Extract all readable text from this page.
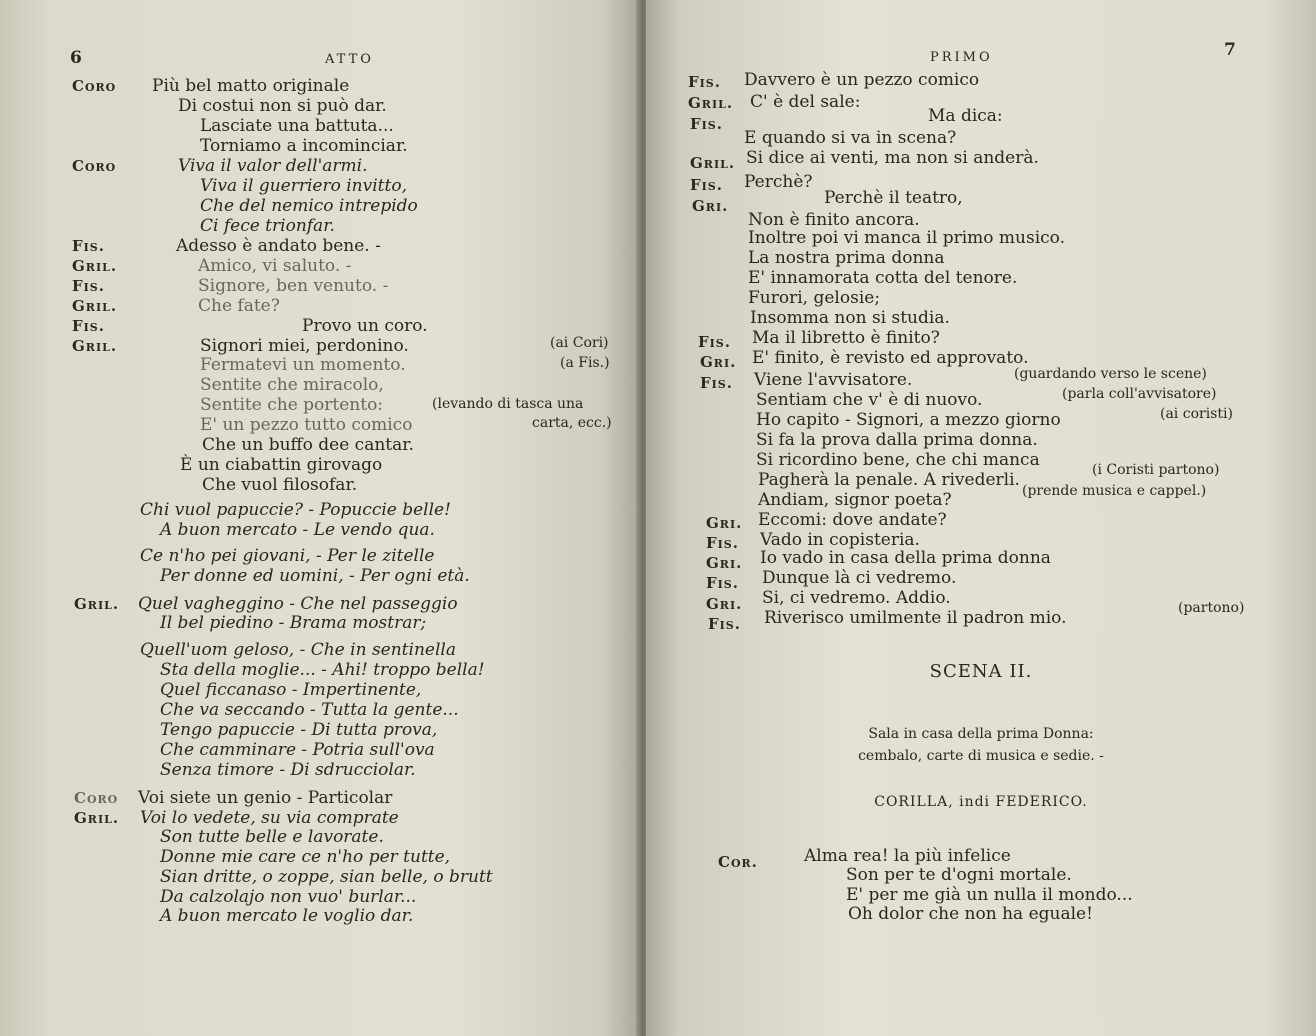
6	ATTO
Coro Più bel matto originale
Di costui non si può dar.
Lasciate una battuta...
Torniamo a incominciar.
Coro	Viva il valor dell'armi.
Viva il guerriero invitto,
Che del nemico intrepido
Ci fece trionfar.
Fis.	Adesso è andato bene. -
Gril.	Amico, vi saluto. -
Fis.	Signore, ben venuto. -
Gril.	Che fate?
Fis.	Provo un coro.
Gril.	Signori miei, perdonino.	(ai Cori)
Fermatevi un momento.	(a Fis.)
Sentite che miracolo,
Sentite che portento:	(levando di tasca una
E' un pezzo tutto comico	carta, ecc.)
Che un buffo dee cantar.
È un ciabattin girovago
Che vuol filosofar.
Chi vuol papuccie? - Popuccie belle!
A buon mercato - Le vendo qua.
Ce n'ho pei giovani, - Per le zitelle
Per donne ed uomini, - Per ogni età.
Gril. Quel vagheggino - Che nel passeggio
Il bel piedino - Brama mostrar;
Quell'uom geloso, - Che in sentinella
Sta della moglie... - Ahi! troppo bella!
Quel ficcanaso - Impertinente,
Che va seccando - Tutta la gente...
Tengo papuccie - Di tutta prova,
Che camminare - Potria sull'ova
Senza timore - Di sdrucciolar.
Coro Voi siete un genio - Particolar
Gril. Voi lo vedete, su via comprate
Son tutte belle e lavorate.
Donne mie care ce n'ho per tutte,
Sian dritte, o zoppe, sian belle, o brutt
Da calzolajo non vuo' burlar...
A buon mercato le voglio dar.
PRIMO	7
Fis. Davvero è un pezzo comico
Gril. C' è del sale:
Fis.	Ma dica:
E quando si va in scena?
Gril. Si dice ai venti, ma non si anderà.
Fis. Perchè?
Gri.	Perchè il teatro,
Non è finito ancora.
Inoltre poi vi manca il primo musico.
La nostra prima donna
E' innamorata cotta del tenore.
Furori, gelosie;
Insomma non si studia.
Fis. Ma il libretto è finito?
Gri. E' finito, è revisto ed approvato.
Fis. Viene l'avvisatore.	(guardando verso le scene)
Sentiam che v' è di nuovo.	(parla coll'avvisatore)
Ho capito - Signori, a mezzo giorno	(ai coristi)
Si fa la prova dalla prima donna.
Si ricordino bene, che chi manca
Pagherà la penale. A rivederli.	(i Coristi partono)
Andiam, signor poeta?	(prende musica e cappel.)
Gri. Eccomi: dove andate?
Fis. Vado in copisteria.
Gri. Io vado in casa della prima donna
Fis. Dunque là ci vedremo.
Gri. Si, ci vedremo. Addio.
Fis. Riverisco umilmente il padron mio.	(partono)
SCENA II.
Sala in casa della prima Donna:
cembalo, carte di musica e sedie. -
CORILLA, indi FEDERICO.
Cor.	Alma rea! la più infelice
Son per te d'ogni mortale.
E' per me già un nulla il mondo...
Oh dolor che non ha eguale!
